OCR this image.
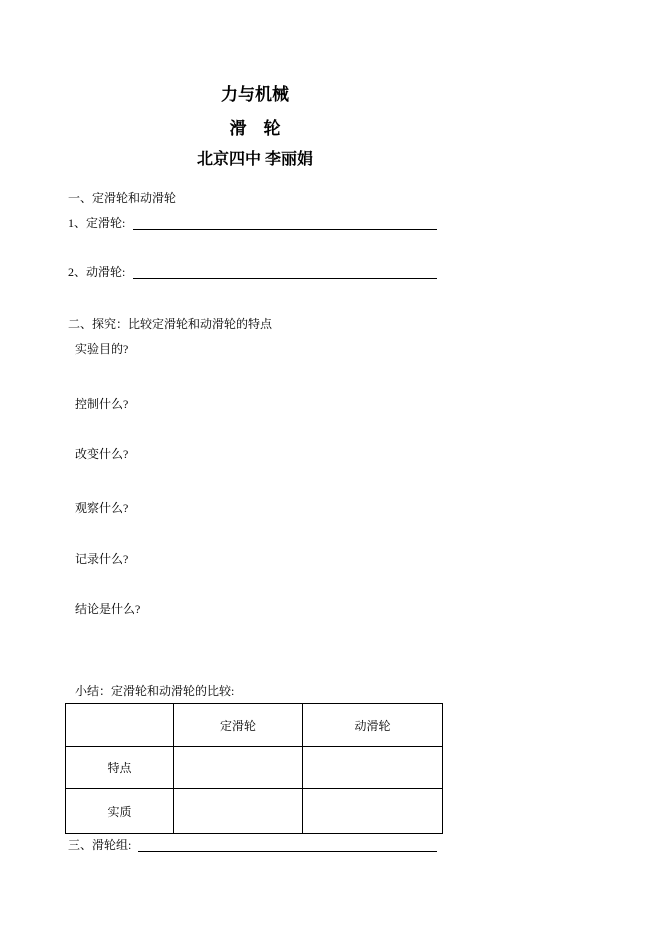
力与机械
滑　轮
北京四中 李丽娟
一、定滑轮和动滑轮
1、定滑轮:
2、动滑轮:
二、探究：比较定滑轮和动滑轮的特点
实验目的?
控制什么?
改变什么?
观察什么?
记录什么?
结论是什么?
小结：定滑轮和动滑轮的比较:
	定滑轮	动滑轮
特点		
实质		
三、滑轮组:
